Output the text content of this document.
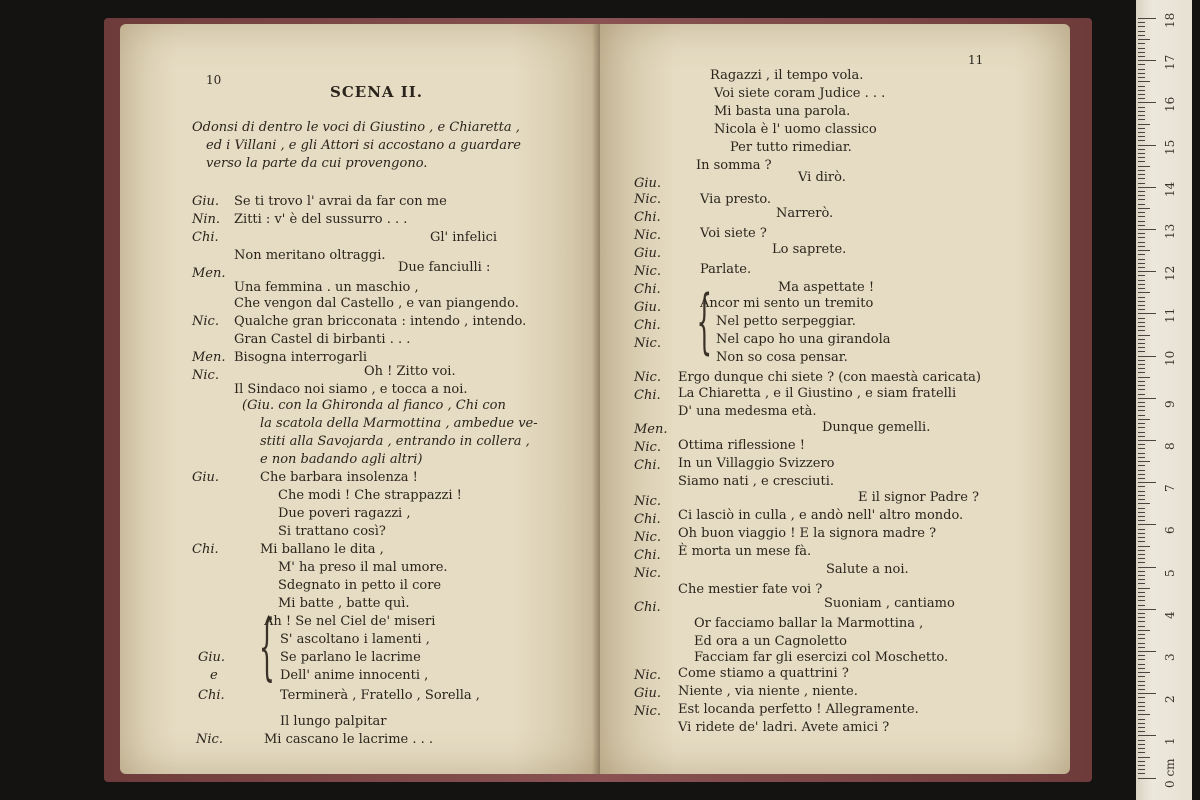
10
SCENA II.
Odonsi di dentro le voci di Giustino , e Chiaretta ,
ed i Villani , e gli Attori si accostano a guardare
verso la parte da cui provengono.
Giu. Se ti trovo l' avrai da far con me
Nin. Zitti : v' è del sussurro . . .
Chi.	Gl' infelici
Non meritano oltraggi.
Men.	Due fanciulli :
Una femmina . un maschio ,
Che vengon dal Castello , e van piangendo.
Nic. Qualche gran bricconata : intendo , intendo.
Gran Castel di birbanti . . .
Men. Bisogna interrogarli
Nic.	Oh ! Zitto voi.
Il Sindaco noi siamo , e tocca a noi.
(Giu. con la Ghironda al fianco , Chi con
la scatola della Marmottina , ambedue ve-
stiti alla Savojarda , entrando in collera ,
e non badando agli altri)
Giu.	Che barbara insolenza !
Che modi ! Che strappazzi !
Due poveri ragazzi ,
Si trattano così?
Chi.	Mi ballano le dita ,
M' ha preso il mal umore.
Sdegnato in petto il core
Mi batte , batte quì.
{
Ah ! Se nel Ciel de' miseri
S' ascoltano i lamenti ,
Giu.	Se parlano le lacrime
e	Dell' anime innocenti ,
Chi.	Terminerà , Fratello , Sorella ,
Il lungo palpitar
Nic.	Mi cascano le lacrime . . .
11
Ragazzi , il tempo vola.
Voi siete coram Judice . . .
Mi basta una parola.
Nicola è l' uomo classico
Per tutto rimediar.
In somma ?
Giu.	Vi dirò.
Nic.	Via presto.
Chi.	Narrerò.
Nic.	Voi siete ?
Giu.	Lo saprete.
Nic.	Parlate.
Chi.	Ma aspettate !
{
Giu.	Ancor mi sento un tremito
Chi.	Nel petto serpeggiar.
Nic.	Nel capo ho una girandola
Non so cosa pensar.
Nic. Ergo dunque chi siete ? (con maestà caricata)
Chi. La Chiaretta , e il Giustino , e siam fratelli
D' una medesma età.
Men.	Dunque gemelli.
Nic. Ottima riflessione !
Chi. In un Villaggio Svizzero
Siamo nati , e cresciuti.
Nic.	E il signor Padre ?
Chi. Ci lasciò in culla , e andò nell' altro mondo.
Nic. Oh buon viaggio ! E la signora madre ?
Chi. È morta un mese fà.
Nic.	Salute a noi.
Che mestier fate voi ?
Chi.	Suoniam , cantiamo
Or facciamo ballar la Marmottina ,
Ed ora a un Cagnoletto
Facciam far gli esercizi col Moschetto.
Nic. Come stiamo a quattrini ?
Giu. Niente , via niente , niente.
Nic. Est locanda perfetto ! Allegramente.
Vi ridete de' ladri. Avete amici ?
18
17
16
15
14
13
12
11
10
9
8
7
6
5
4
3
2
1
0 cm
